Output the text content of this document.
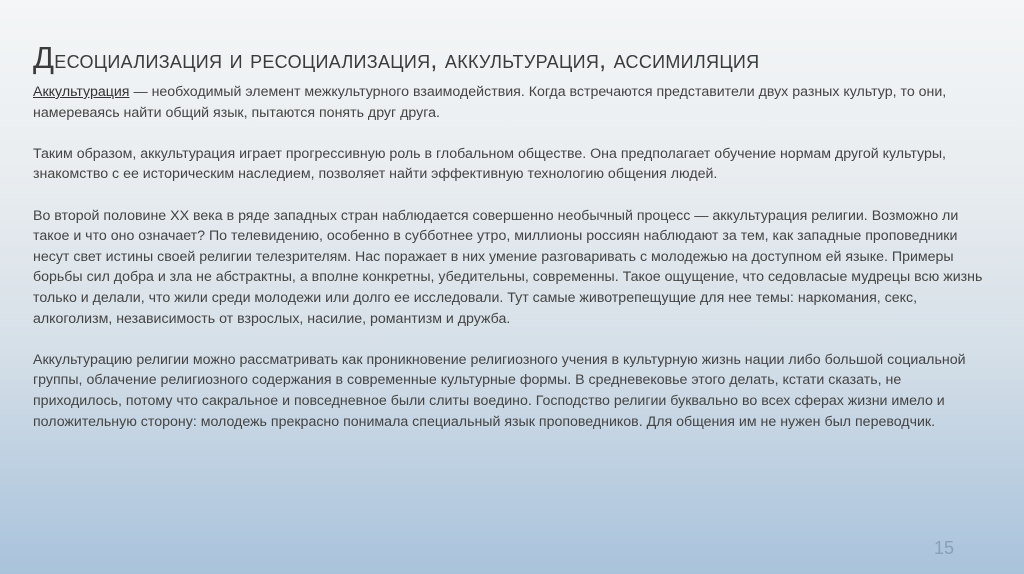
Десоциализация и ресоциализация, аккультурация, ассимиляция

Аккультурация — необходимый элемент межкультурного взаимодействия. Когда встречаются представители двух разных культур, то они, намереваясь найти общий язык, пытаются понять друг друга.

Таким образом, аккультурация играет прогрессивную роль в глобальном обществе. Она предполагает обучение нормам другой культуры, знакомство с ее историческим наследием, позволяет найти эффективную технологию общения людей.

Во второй половине XX века в ряде западных стран наблюдается совершенно необычный процесс — аккультурация религии. Возможно ли такое и что оно означает? По телевидению, особенно в субботнее утро, миллионы россиян наблюдают за тем, как западные проповедники несут свет истины своей религии телезрителям. Нас поражает в них умение разговаривать с молодежью на доступном ей языке. Примеры борьбы сил добра и зла не абстрактны, а вполне конкретны, убедительны, современны. Такое ощущение, что седовласые мудрецы всю жизнь только и делали, что жили среди молодежи или долго ее исследовали. Тут самые животрепещущие для нее темы: наркомания, секс, алкоголизм, независимость от взрослых, насилие, романтизм и дружба.

Аккультурацию религии можно рассматривать как проникновение религиозного учения в культурную жизнь нации либо большой социальной группы, облачение религиозного содержания в современные культурные формы. В средневековье этого делать, кстати сказать, не приходилось, потому что сакральное и повседневное были слиты воедино. Господство религии буквально во всех сферах жизни имело и положительную сторону: молодежь прекрасно понимала специальный язык проповедников. Для общения им не нужен был переводчик.

15
